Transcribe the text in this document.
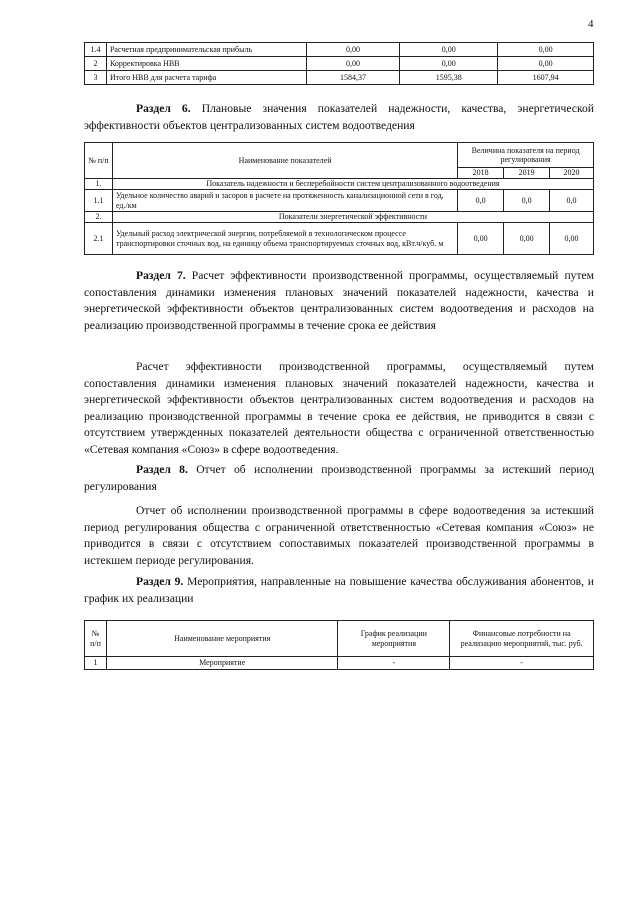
4
1.4	Расчетная предпринимательская прибыль	0,00	0,00	0,00
2	Корректировка НВВ	0,00	0,00	0,00
3	Итого НВВ для расчета тарифа	1584,37	1595,38	1607,94
Раздел 6. Плановые значения показателей надежности, качества, энергетической эффективности объектов централизованных систем водоотведения
№ п/п	Наименование показателей	Величина показателя на период регулирования		
		2018	2019	2020
1.	Показатель надежности и бесперебойности систем централизованного водоотведения			
1.1	Удельное количество аварий и засоров в расчете на протяженность канализационной сети в год, ед./км	0,0	0,0	0,0
2.	Показатели энергетической эффективности			
2.1	Удельный расход электрической энергии, потребляемой в технологическом процессе транспортировки сточных вод, на единицу объема транспортируемых сточных вод, кВт.ч/куб. м	0,00	0,00	0,00
Раздел 7. Расчет эффективности производственной программы, осуществляемый путем сопоставления динамики изменения плановых значений показателей надежности, качества и энергетической эффективности объектов централизованных систем водоотведения и расходов на реализацию производственной программы в течение срока ее действия
Расчет эффективности производственной программы, осуществляемый путем сопоставления динамики изменения плановых значений показателей надежности, качества и энергетической эффективности объектов централизованных систем водоотведения и расходов на реализацию производственной программы в течение срока ее действия, не приводится в связи с отсутствием утвержденных показателей деятельности общества с ограниченной ответственностью «Сетевая компания «Союз» в сфере водоотведения.
Раздел 8. Отчет об исполнении производственной программы за истекший период регулирования
Отчет об исполнении производственной программы в сфере водоотведения за истекший период регулирования общества с ограниченной ответственностью «Сетевая компания «Союз» не приводится в связи с отсутствием сопоставимых показателей производственной программы в истекшем периоде регулирования.
Раздел 9. Мероприятия, направленные на повышение качества обслуживания абонентов, и график их реализации
№ п/п	Наименование мероприятия	График реализации мероприятия	Финансовые потребности на реализацию мероприятий, тыс. руб.
1	Мероприятие	-	-
